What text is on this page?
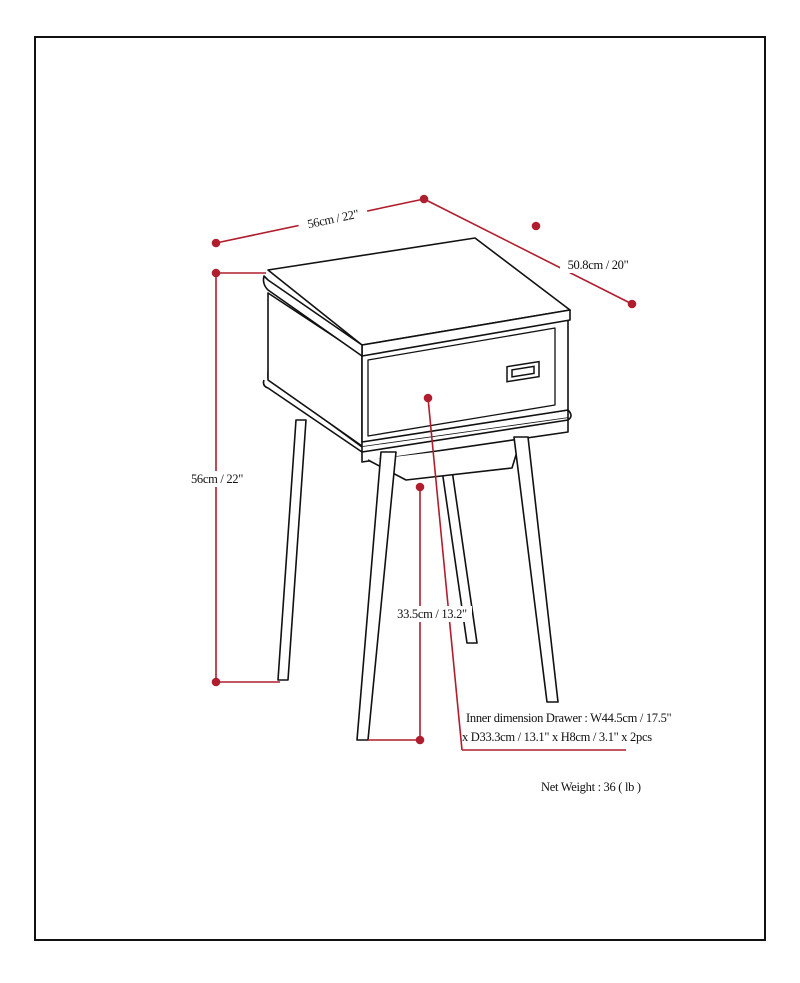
56cm / 22"
50.8cm / 20"
56cm / 22"
33.5cm / 13.2"
Inner dimension Drawer : W44.5cm / 17.5"
x D33.3cm / 13.1" x H8cm / 3.1" x 2pcs
Net Weight : 36 ( lb )
